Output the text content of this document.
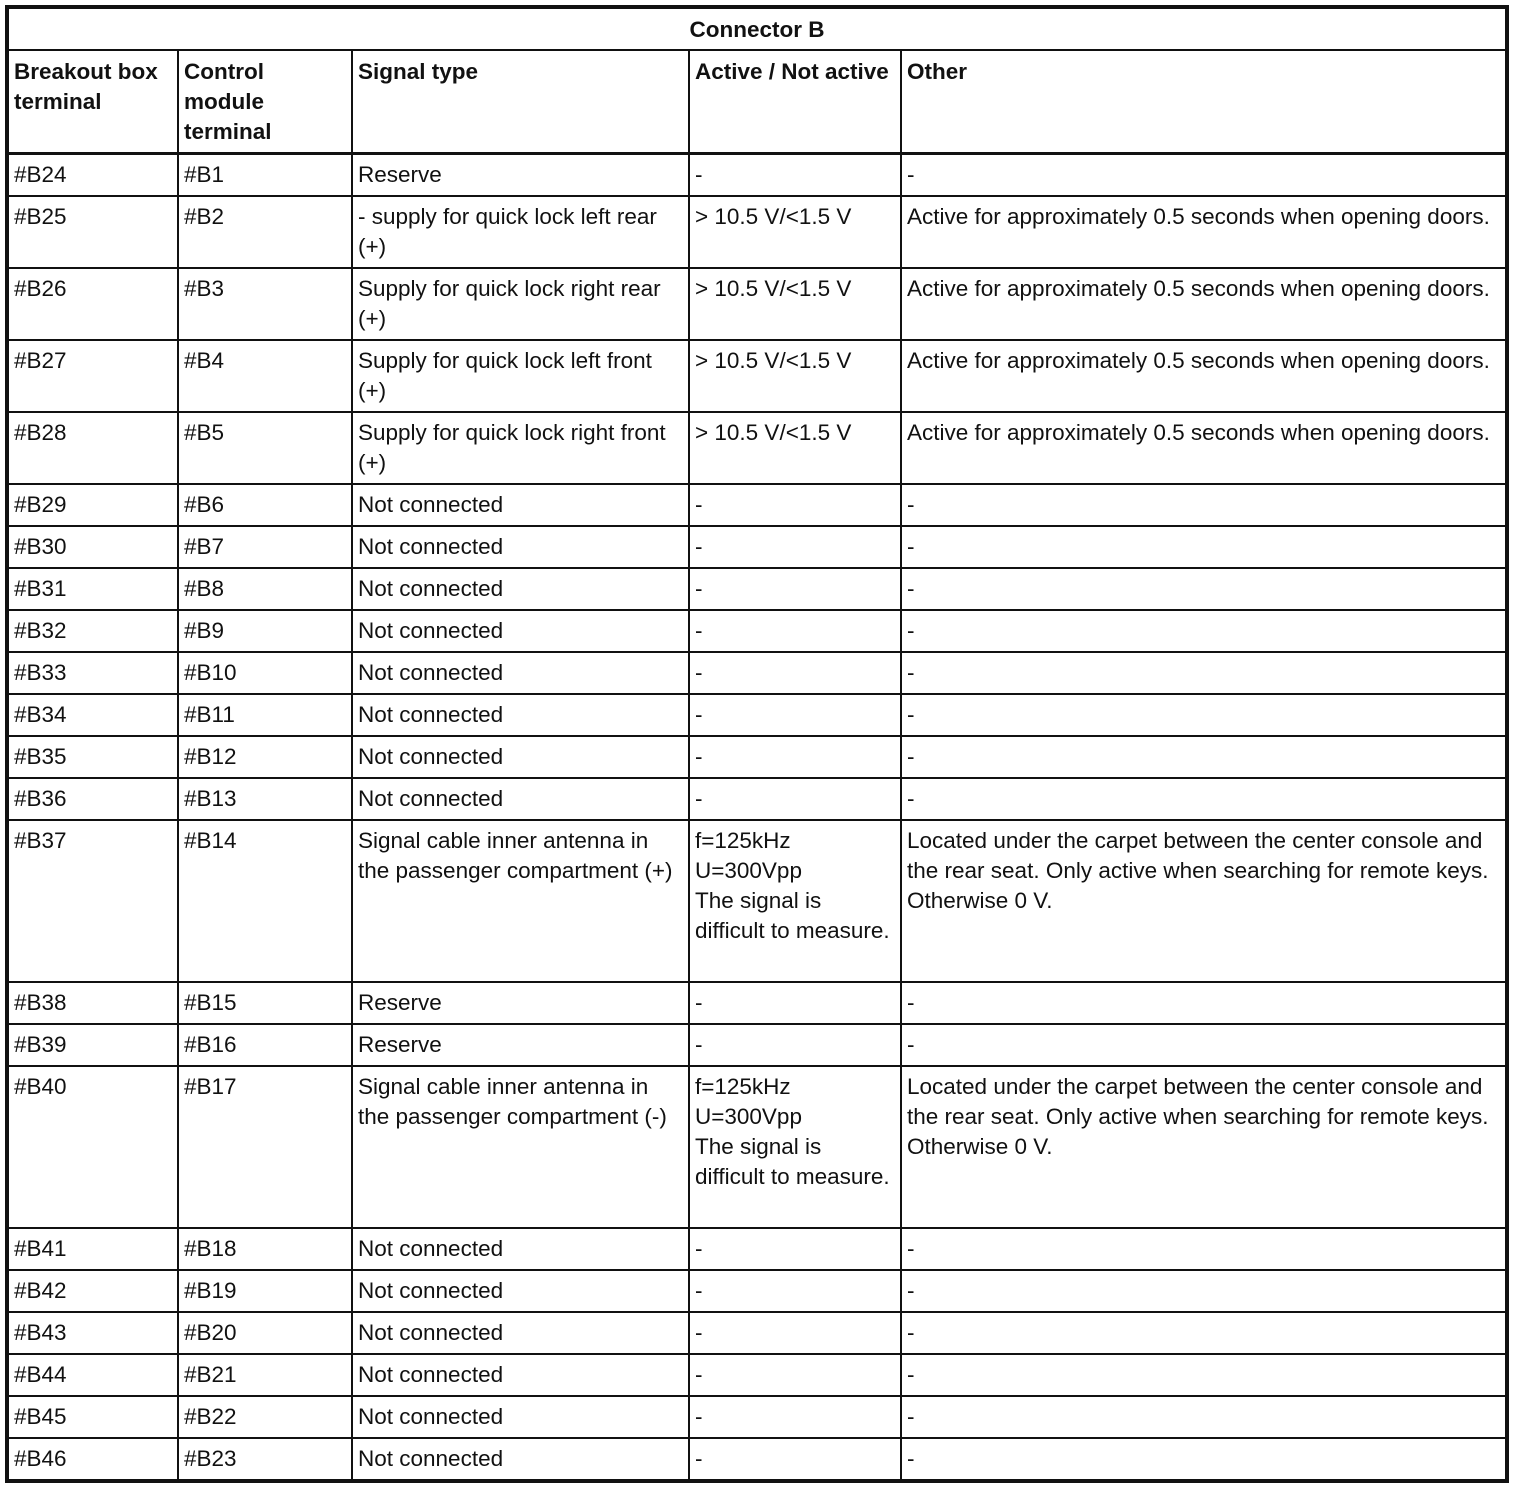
Connector B				
Breakout box terminal	Control module terminal	Signal type	Active / Not active	Other
#B24	#B1	Reserve	-	-
#B25	#B2	- supply for quick lock left rear (+)	> 10.5 V/<1.5 V	Active for approximately 0.5 seconds when opening doors.
#B26	#B3	Supply for quick lock right rear (+)	> 10.5 V/<1.5 V	Active for approximately 0.5 seconds when opening doors.
#B27	#B4	Supply for quick lock left front (+)	> 10.5 V/<1.5 V	Active for approximately 0.5 seconds when opening doors.
#B28	#B5	Supply for quick lock right front (+)	> 10.5 V/<1.5 V	Active for approximately 0.5 seconds when opening doors.
#B29	#B6	Not connected	-	-
#B30	#B7	Not connected	-	-
#B31	#B8	Not connected	-	-
#B32	#B9	Not connected	-	-
#B33	#B10	Not connected	-	-
#B34	#B11	Not connected	-	-
#B35	#B12	Not connected	-	-
#B36	#B13	Not connected	-	-
#B37	#B14	Signal cable inner antenna in the passenger compartment (+)	f=125kHz
U=300Vpp
The signal is difficult to measure.	Located under the carpet between the center console and the rear seat. Only active when searching for remote keys. Otherwise 0 V.
#B38	#B15	Reserve	-	-
#B39	#B16	Reserve	-	-
#B40	#B17	Signal cable inner antenna in the passenger compartment (-)	f=125kHz
U=300Vpp
The signal is difficult to measure.	Located under the carpet between the center console and the rear seat. Only active when searching for remote keys. Otherwise 0 V.
#B41	#B18	Not connected	-	-
#B42	#B19	Not connected	-	-
#B43	#B20	Not connected	-	-
#B44	#B21	Not connected	-	-
#B45	#B22	Not connected	-	-
#B46	#B23	Not connected	-	-
